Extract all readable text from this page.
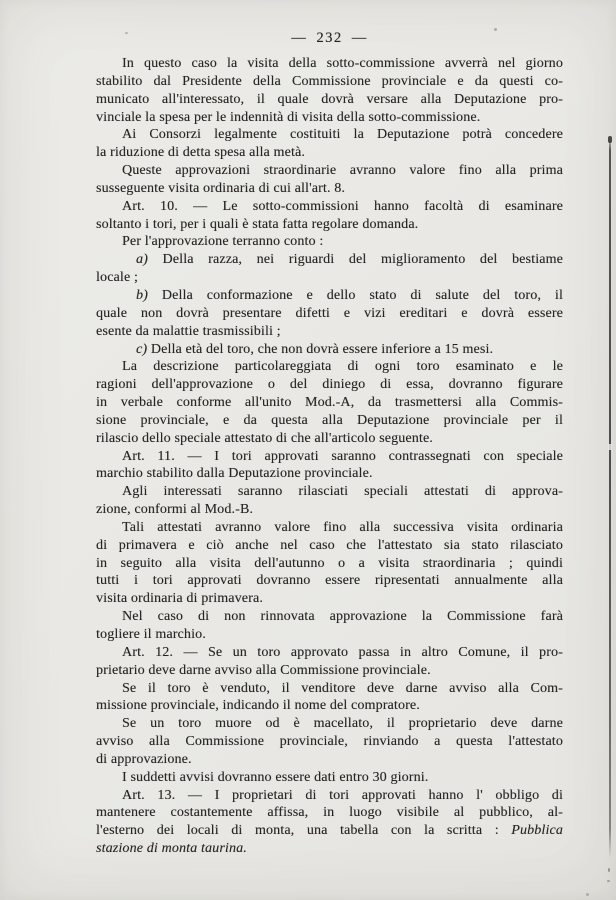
— 232 —
In questo caso la visita della sotto-commissione avverrà nel giorno
stabilito dal Presidente della Commissione provinciale e da questi co-
municato all'interessato, il quale dovrà versare alla Deputazione pro-
vinciale la spesa per le indennità di visita della sotto-commissione.
Ai Consorzi legalmente costituiti la Deputazione potrà concedere
la riduzione di detta spesa alla metà.
Queste approvazioni straordinarie avranno valore fino alla prima
susseguente visita ordinaria di cui all'art. 8.
Art. 10. — Le sotto-commissioni hanno facoltà di esaminare
soltanto i tori, per i quali è stata fatta regolare domanda.
Per l'approvazione terranno conto :
a) Della razza, nei riguardi del miglioramento del bestiame
locale ;
b) Della conformazione e dello stato di salute del toro, il
quale non dovrà presentare difetti e vizi ereditari e dovrà essere
esente da malattie trasmissibili ;
c) Della età del toro, che non dovrà essere inferiore a 15 mesi.
La descrizione particolareggiata di ogni toro esaminato e le
ragioni dell'approvazione o del diniego di essa, dovranno figurare
in verbale conforme all'unito Mod.-A, da trasmettersi alla Commis-
sione provinciale, e da questa alla Deputazione provinciale per il
rilascio dello speciale attestato di che all'articolo seguente.
Art. 11. — I tori approvati saranno contrassegnati con speciale
marchio stabilito dalla Deputazione provinciale.
Agli interessati saranno rilasciati speciali attestati di approva-
zione, conformi al Mod.-B.
Tali attestati avranno valore fino alla successiva visita ordinaria
di primavera e ciò anche nel caso che l'attestato sia stato rilasciato
in seguito alla visita dell'autunno o a visita straordinaria ; quindi
tutti i tori approvati dovranno essere ripresentati annualmente alla
visita ordinaria di primavera.
Nel caso di non rinnovata approvazione la Commissione farà
togliere il marchio.
Art. 12. — Se un toro approvato passa in altro Comune, il pro-
prietario deve darne avviso alla Commissione provinciale.
Se il toro è venduto, il venditore deve darne avviso alla Com-
missione provinciale, indicando il nome del compratore.
Se un toro muore od è macellato, il proprietario deve darne
avviso alla Commissione provinciale, rinviando a questa l'attestato
di approvazione.
I suddetti avvisi dovranno essere dati entro 30 giorni.
Art. 13. — I proprietari di tori approvati hanno l' obbligo di
mantenere costantemente affissa, in luogo visibile al pubblico, al-
l'esterno dei locali di monta, una tabella con la scritta : Pubblica
stazione di monta taurina.
